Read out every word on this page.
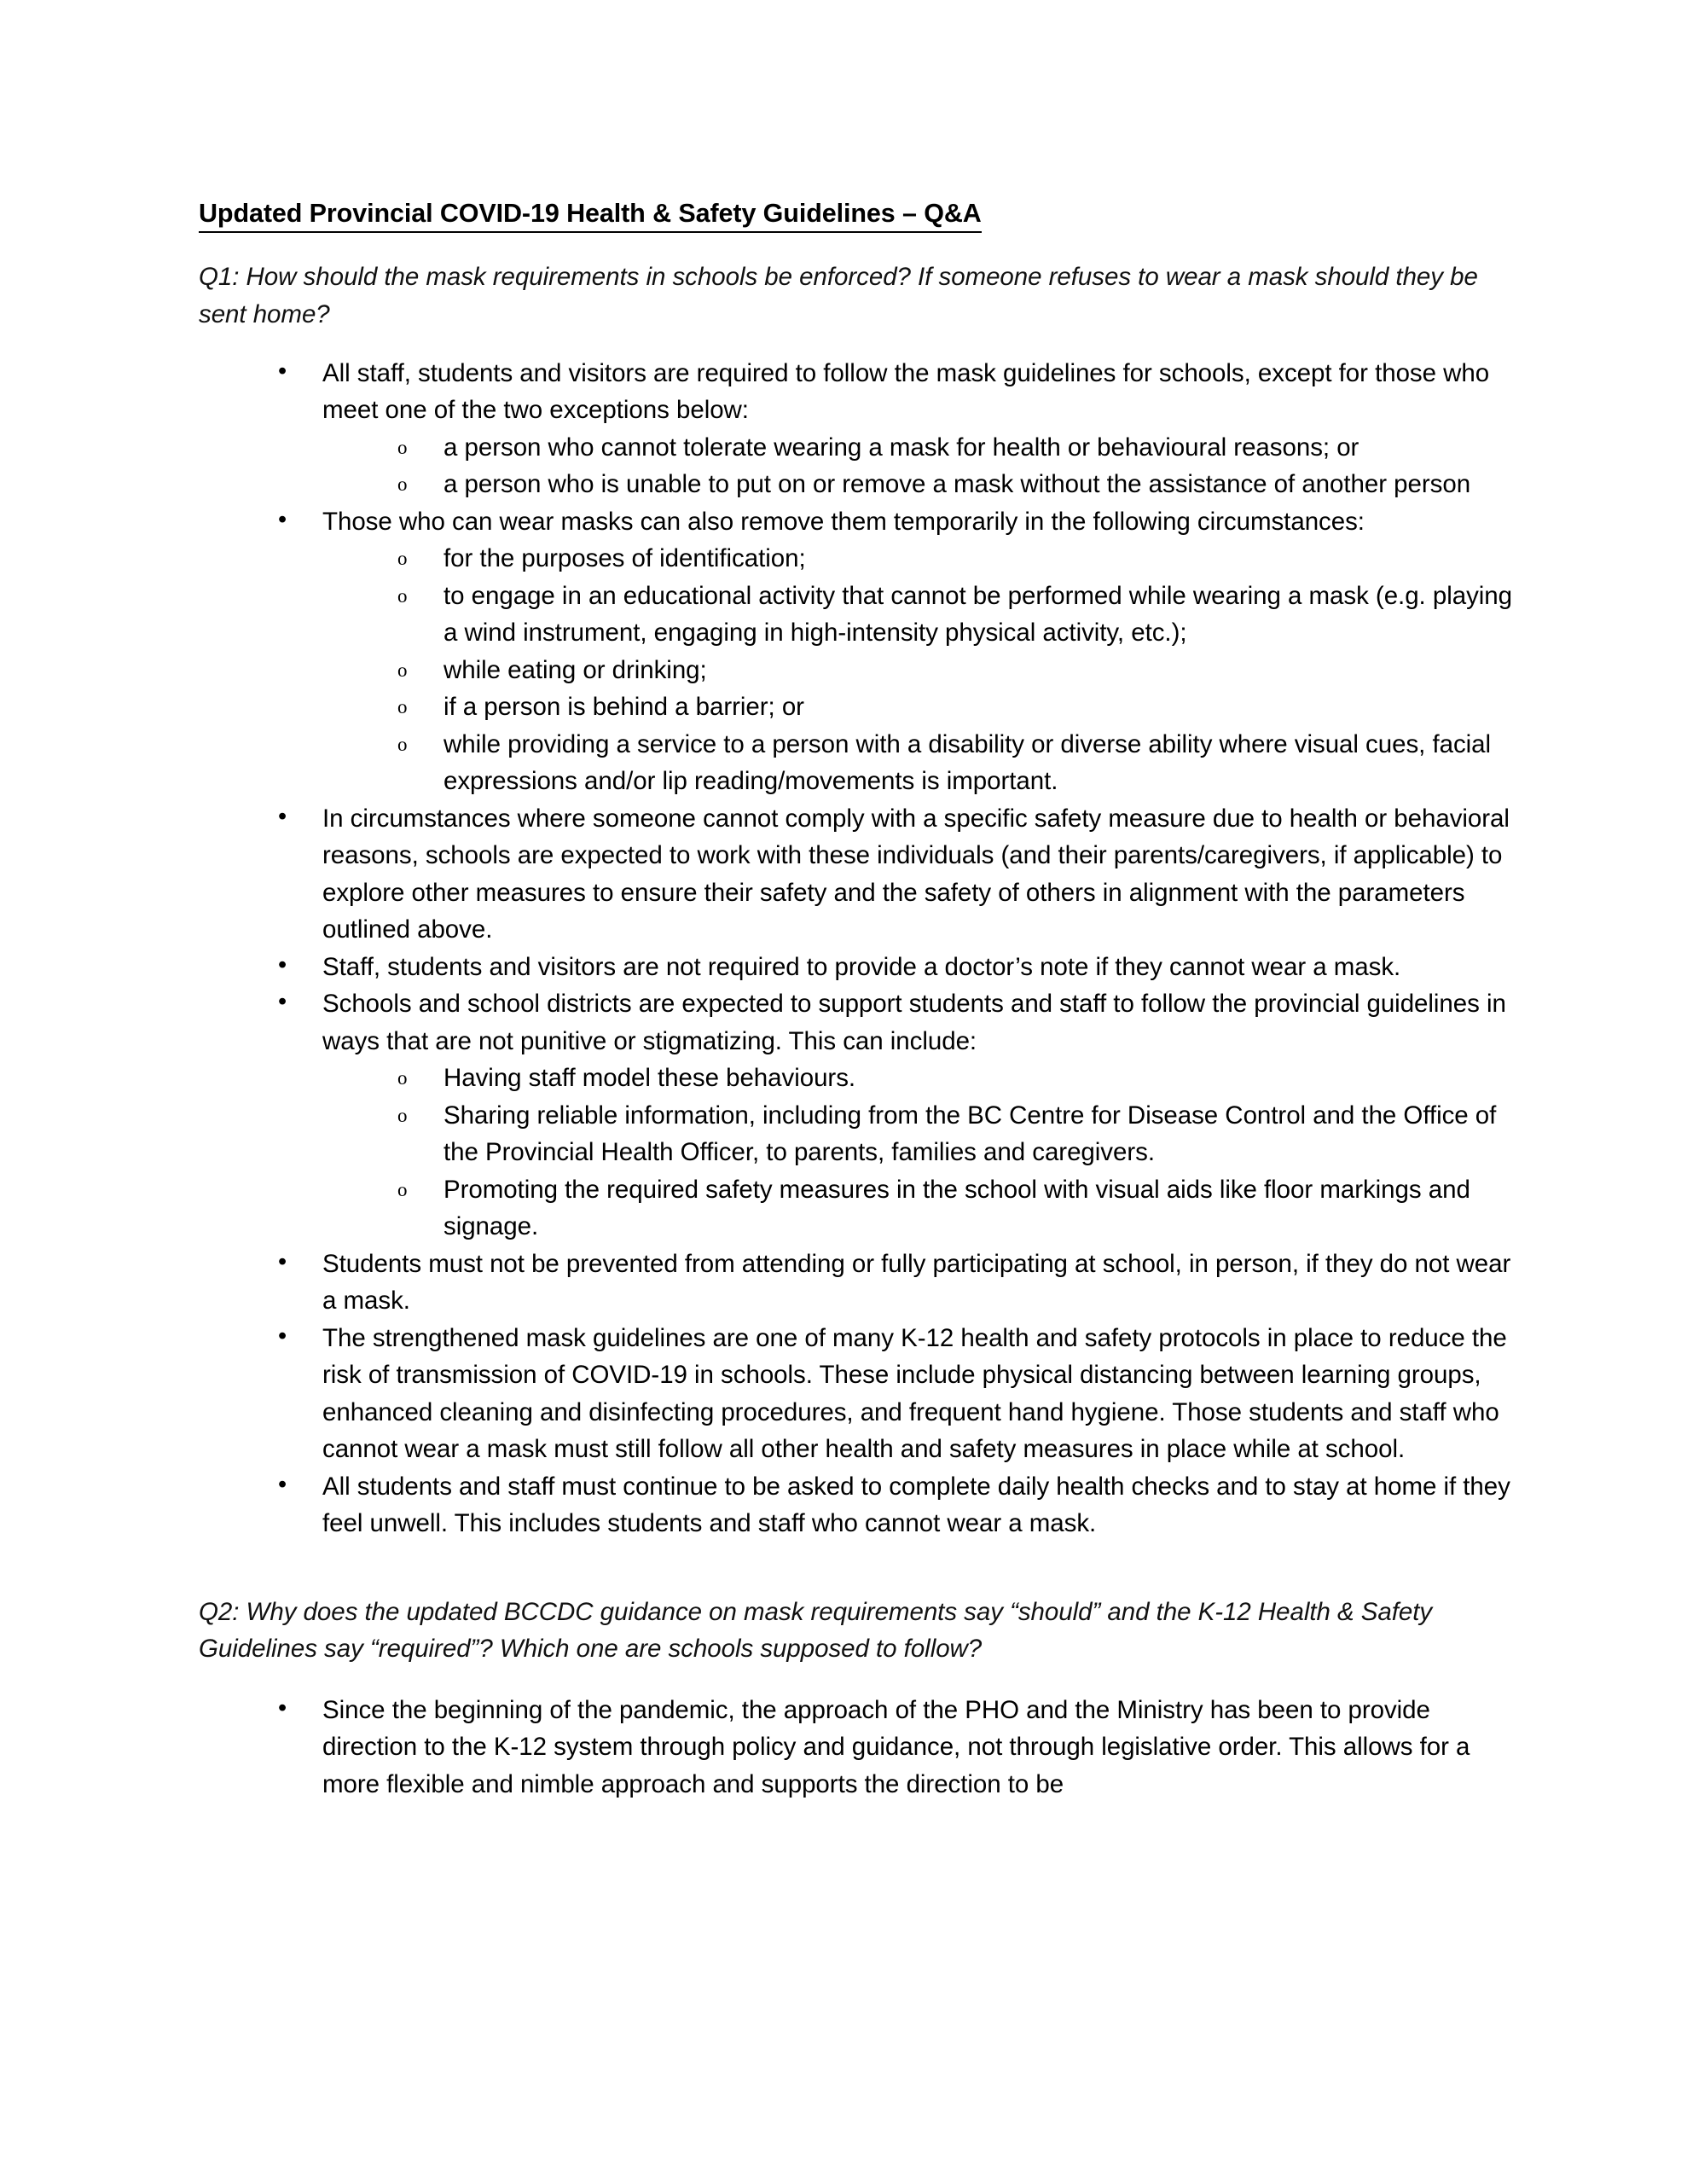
Updated Provincial COVID-19 Health & Safety Guidelines – Q&A
Q1: How should the mask requirements in schools be enforced? If someone refuses to wear a mask should they be sent home?
• All staff, students and visitors are required to follow the mask guidelines for schools, except for those who meet one of the two exceptions below:
o a person who cannot tolerate wearing a mask for health or behavioural reasons; or
o a person who is unable to put on or remove a mask without the assistance of another person
• Those who can wear masks can also remove them temporarily in the following circumstances:
o for the purposes of identification;
o to engage in an educational activity that cannot be performed while wearing a mask (e.g. playing a wind instrument, engaging in high-intensity physical activity, etc.);
o while eating or drinking;
o if a person is behind a barrier; or
o while providing a service to a person with a disability or diverse ability where visual cues, facial expressions and/or lip reading/movements is important.
• In circumstances where someone cannot comply with a specific safety measure due to health or behavioral reasons, schools are expected to work with these individuals (and their parents/caregivers, if applicable) to explore other measures to ensure their safety and the safety of others in alignment with the parameters outlined above.
• Staff, students and visitors are not required to provide a doctor’s note if they cannot wear a mask.
• Schools and school districts are expected to support students and staff to follow the provincial guidelines in ways that are not punitive or stigmatizing. This can include:
o Having staff model these behaviours.
o Sharing reliable information, including from the BC Centre for Disease Control and the Office of the Provincial Health Officer, to parents, families and caregivers.
o Promoting the required safety measures in the school with visual aids like floor markings and signage.
• Students must not be prevented from attending or fully participating at school, in person, if they do not wear a mask.
• The strengthened mask guidelines are one of many K-12 health and safety protocols in place to reduce the risk of transmission of COVID-19 in schools. These include physical distancing between learning groups, enhanced cleaning and disinfecting procedures, and frequent hand hygiene. Those students and staff who cannot wear a mask must still follow all other health and safety measures in place while at school.
• All students and staff must continue to be asked to complete daily health checks and to stay at home if they feel unwell. This includes students and staff who cannot wear a mask.
Q2: Why does the updated BCCDC guidance on mask requirements say “should” and the K-12 Health & Safety Guidelines say “required”? Which one are schools supposed to follow?
• Since the beginning of the pandemic, the approach of the PHO and the Ministry has been to provide direction to the K-12 system through policy and guidance, not through legislative order. This allows for a more flexible and nimble approach and supports the direction to be
